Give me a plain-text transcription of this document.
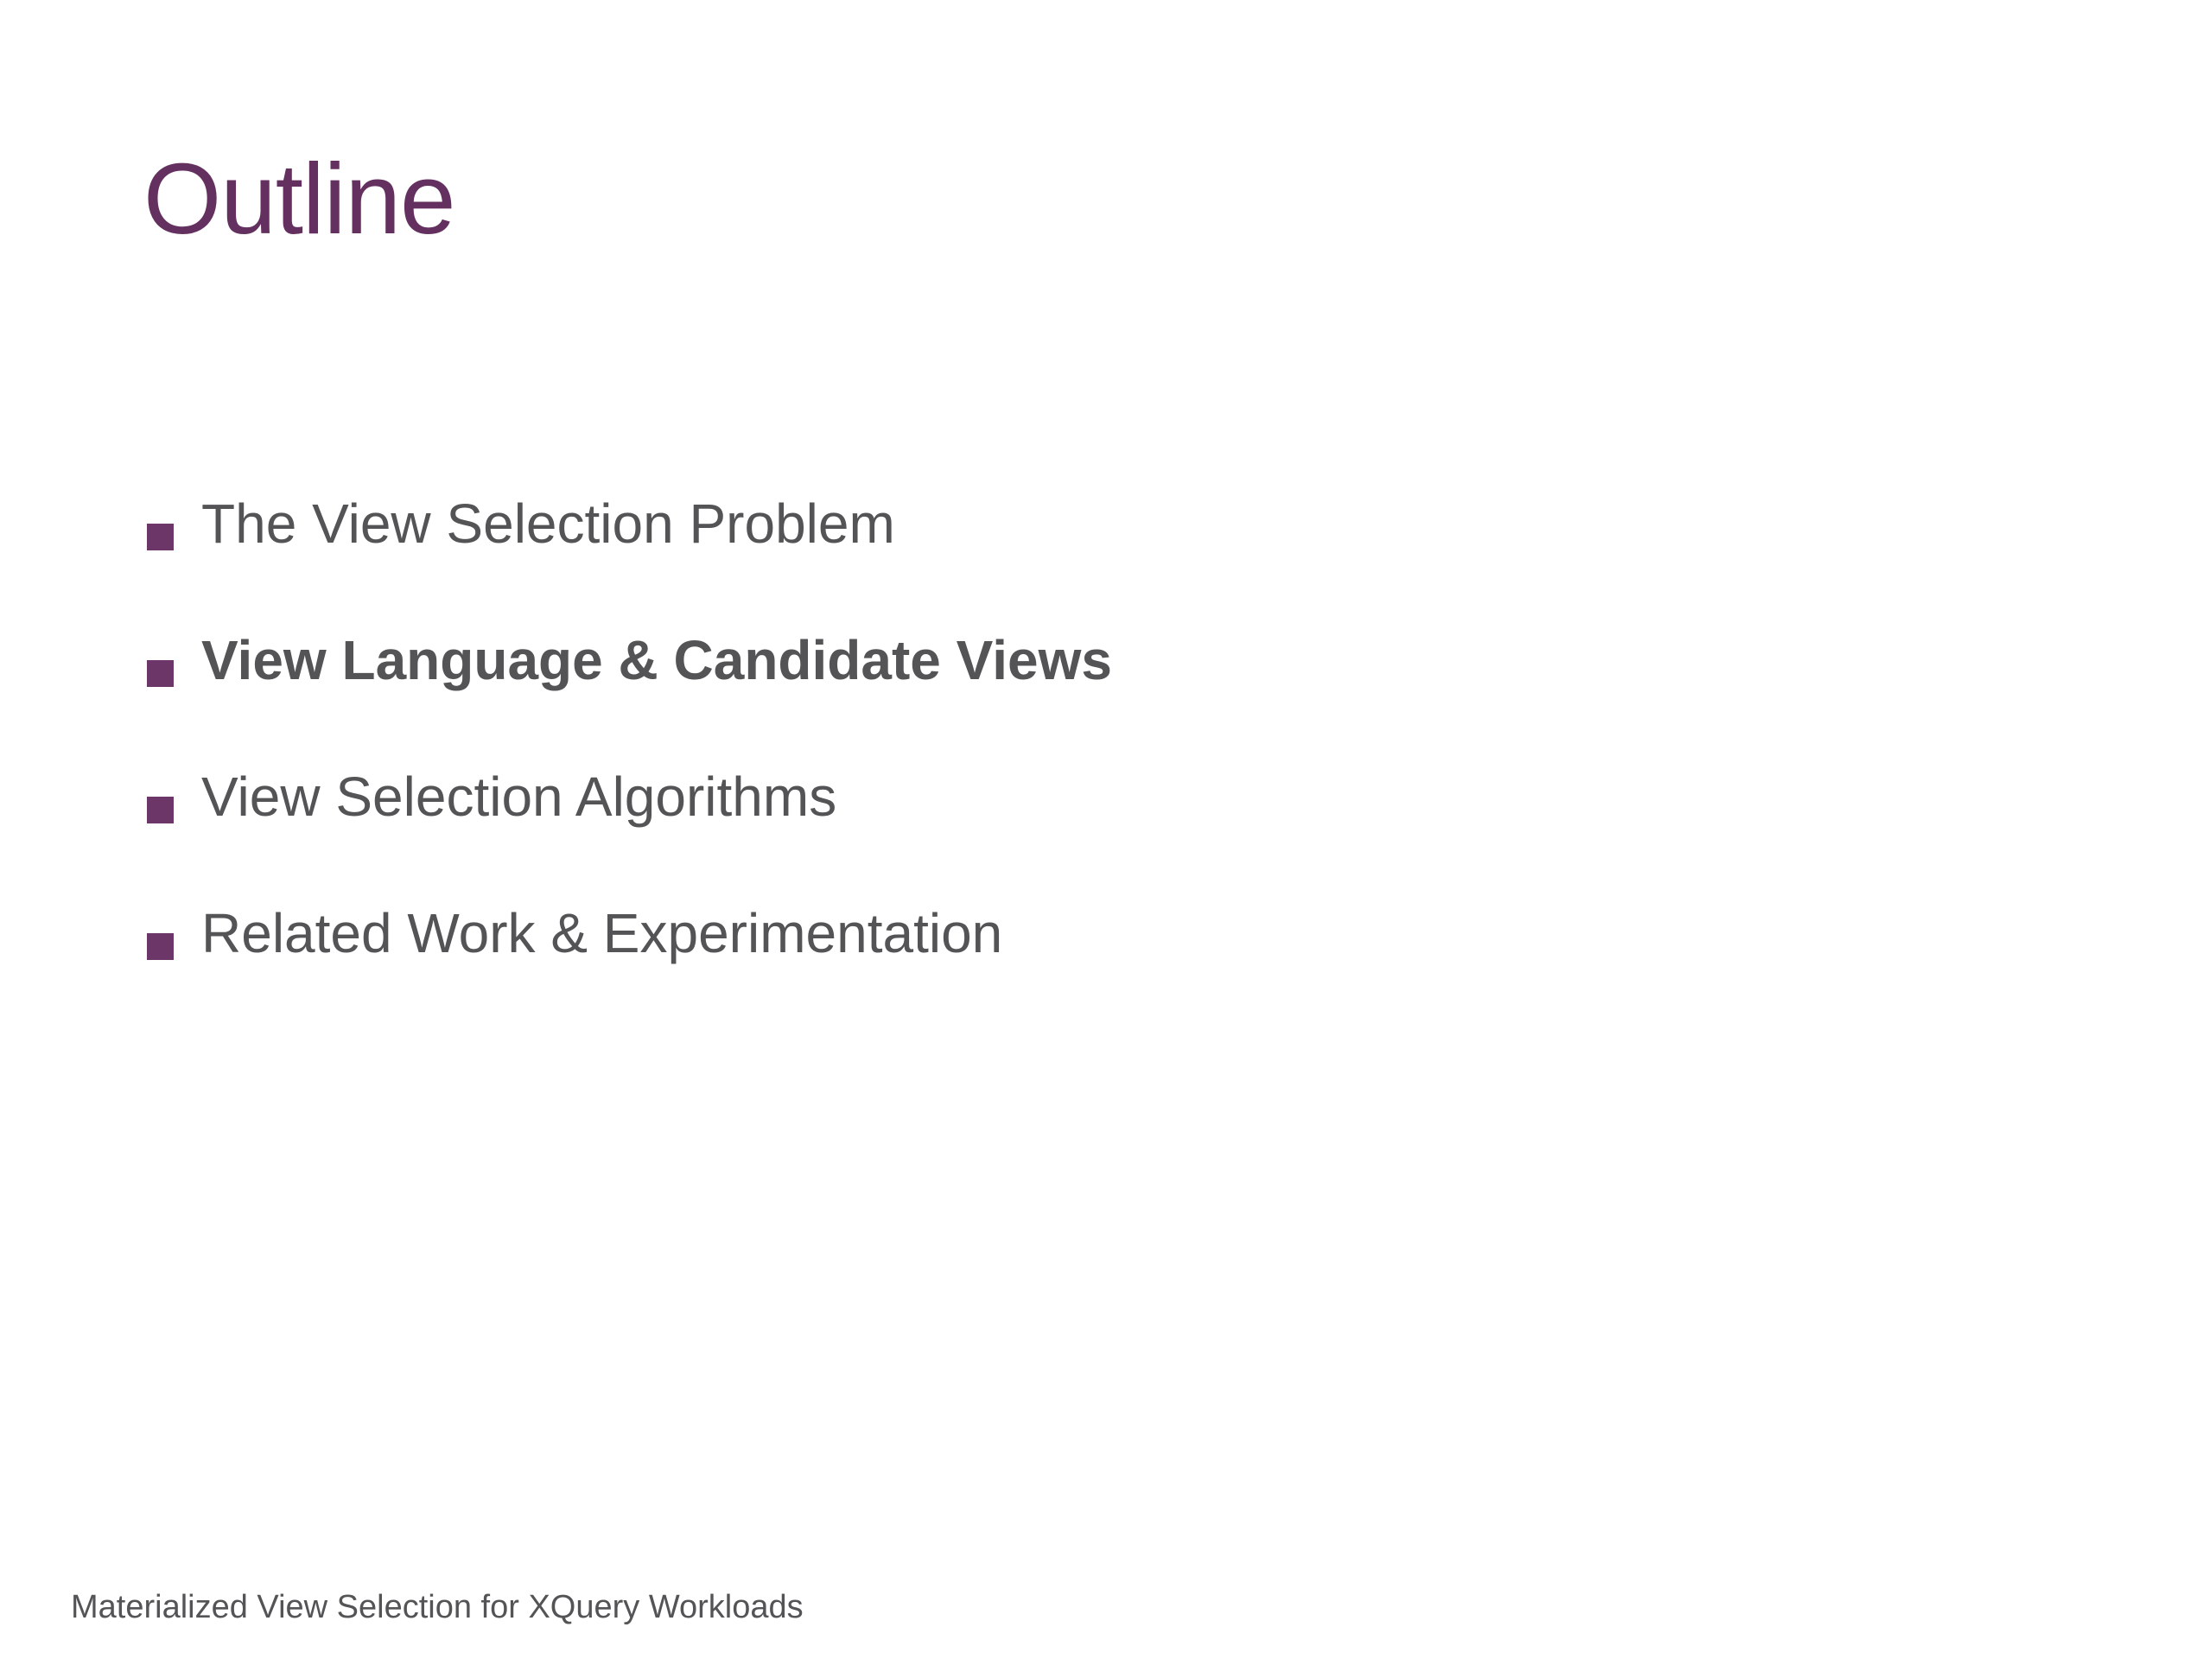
Outline
The View Selection Problem
View Language & Candidate Views
View Selection Algorithms
Related Work & Experimentation
Materialized View Selection for XQuery Workloads
